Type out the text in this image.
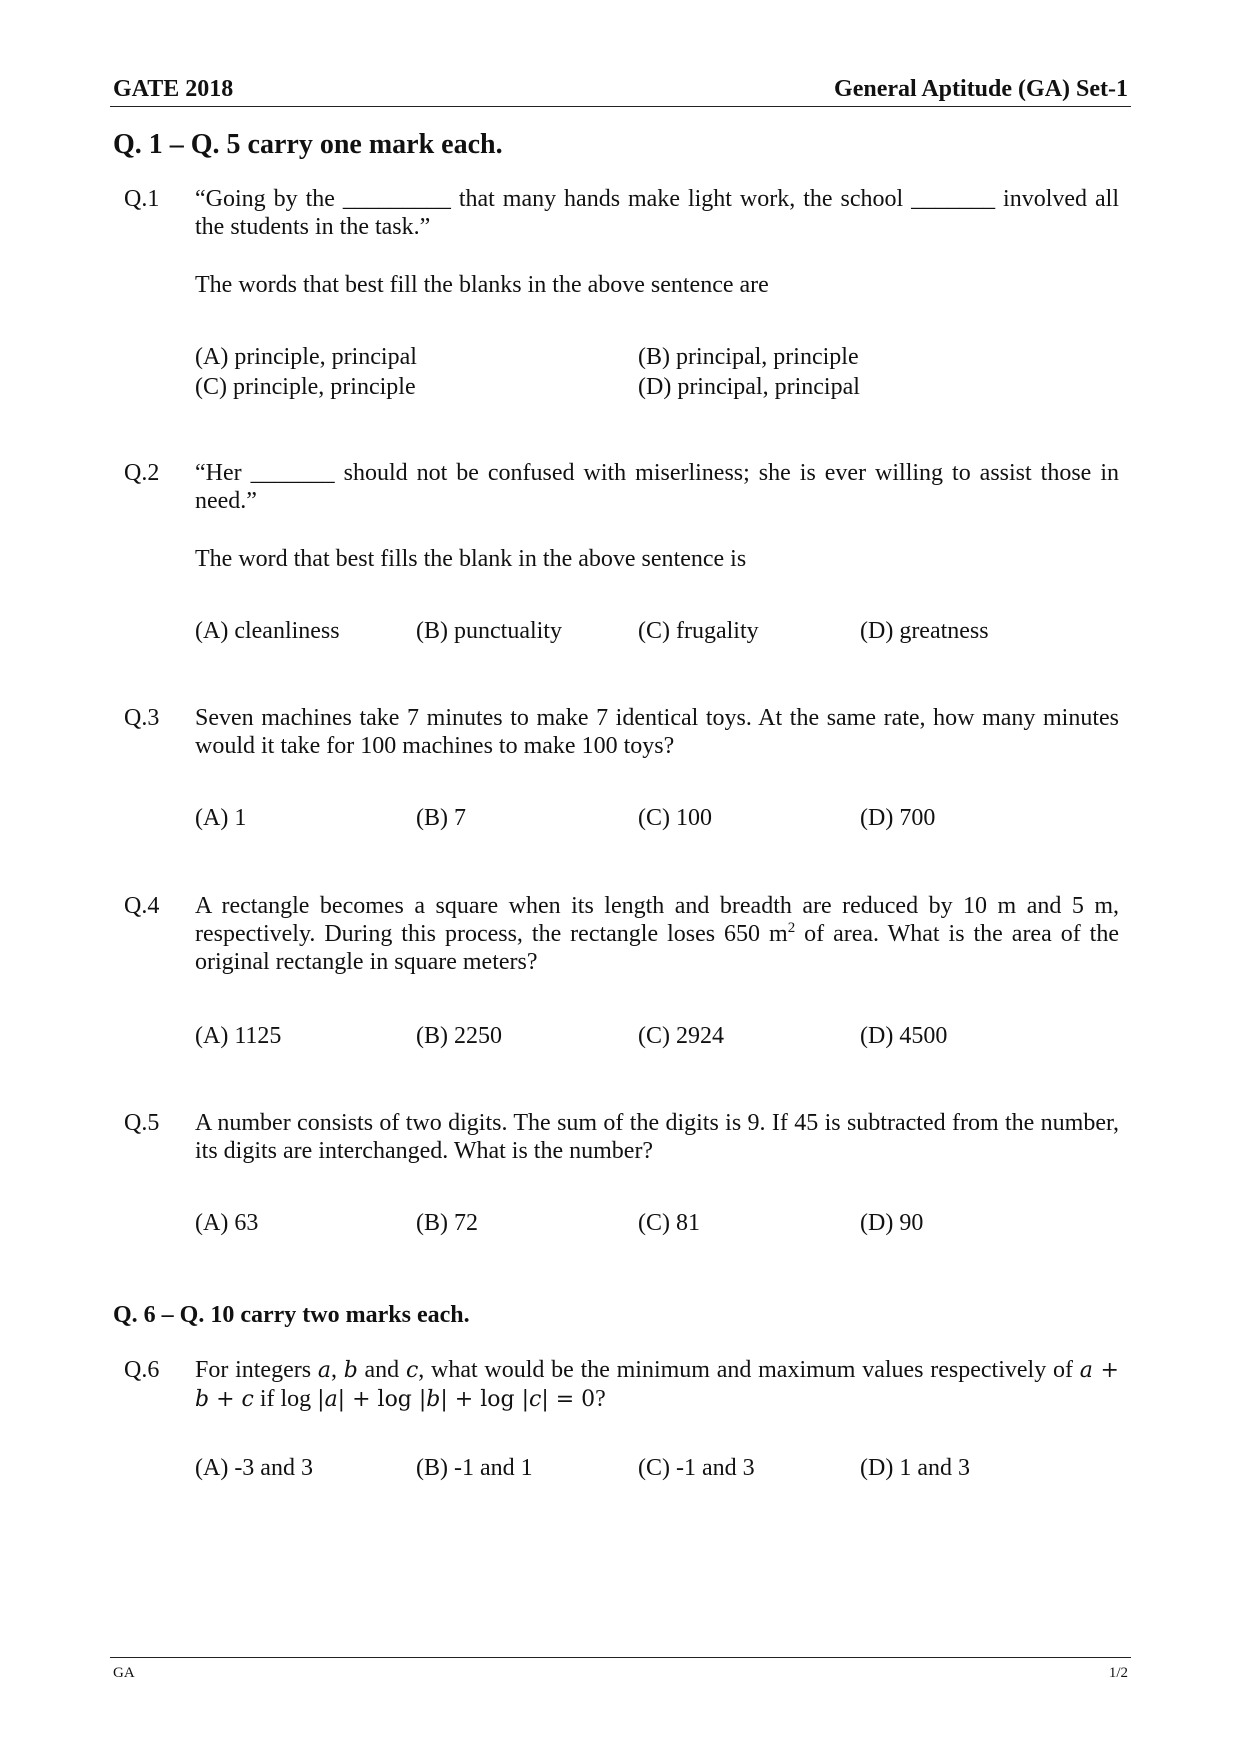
GATE 2018	General Aptitude (GA) Set-1
Q. 1 – Q. 5 carry one mark each.
Q.1 “Going by the _________ that many hands make light work, the school _______ involved all the students in the task.”
The words that best fill the blanks in the above sentence are
(A) principle, principal	(B) principal, principle
(C) principle, principle	(D) principal, principal
Q.2 “Her _______ should not be confused with miserliness; she is ever willing to assist those in need.”
The word that best fills the blank in the above sentence is
(A) cleanliness	(B) punctuality	(C) frugality	(D) greatness
Q.3 Seven machines take 7 minutes to make 7 identical toys. At the same rate, how many minutes would it take for 100 machines to make 100 toys?
(A) 1	(B) 7	(C) 100	(D) 700
Q.4 A rectangle becomes a square when its length and breadth are reduced by 10 m and 5 m, respectively. During this process, the rectangle loses 650 $m^2$ of area. What is the area of the original rectangle in square meters?
(A) 1125	(B) 2250	(C) 2924	(D) 4500
Q.5 A number consists of two digits. The sum of the digits is 9. If 45 is subtracted from the number, its digits are interchanged. What is the number?
(A) 63	(B) 72	(C) 81	(D) 90
Q. 6 – Q. 10 carry two marks each.
Q.6 For integers a, b and c, what would be the minimum and maximum values respectively of a + b + c if log |a| + log |b| + log |c| = 0?
(A) -3 and 3	(B) -1 and 1	(C) -1 and 3	(D) 1 and 3
GA	1/2
